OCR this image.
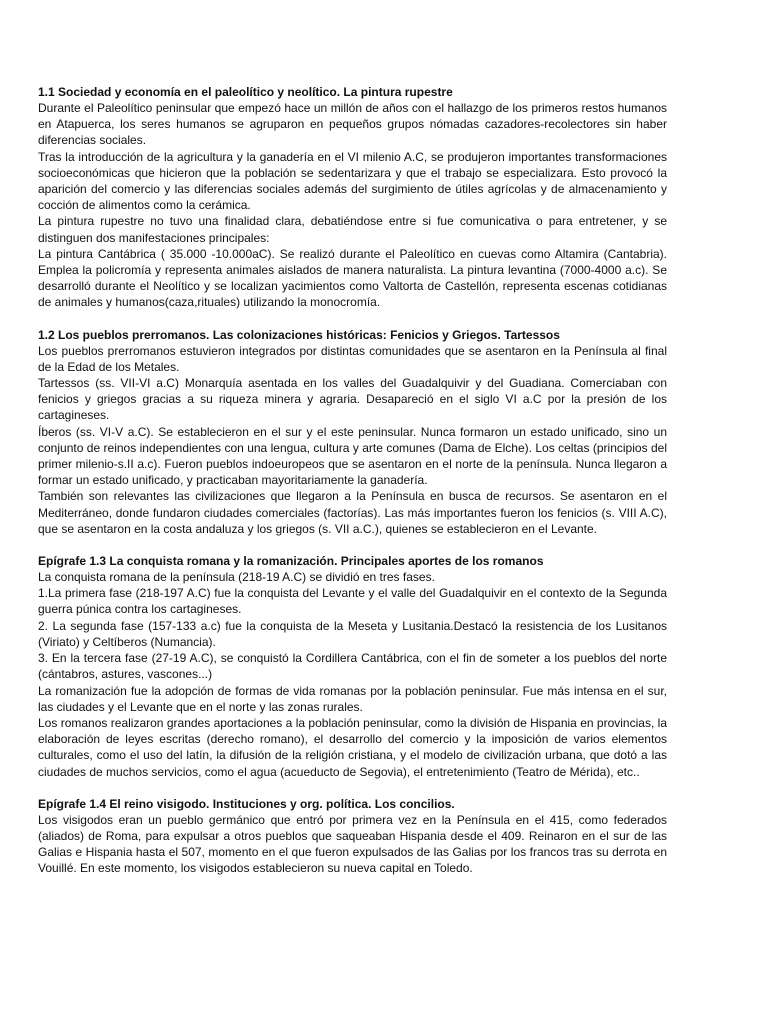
1.1 Sociedad y economía en el paleolítico y neolítico. La pintura rupestre

Durante el Paleolítico peninsular que empezó hace un millón de años con el hallazgo de los primeros restos humanos en Atapuerca, los seres humanos se agruparon en pequeños grupos nómadas cazadores-recolectores sin haber diferencias sociales.

Tras la introducción de la agricultura y la ganadería en el VI milenio A.C, se produjeron importantes transformaciones socioeconómicas que hicieron que la población se sedentarizara y que el trabajo se especializara. Esto provocó la aparición del comercio y las diferencias sociales además del surgimiento de útiles agrícolas y de almacenamiento y cocción de alimentos como la cerámica.

La pintura rupestre no tuvo una finalidad clara, debatiéndose entre si fue comunicativa o para entretener, y se distinguen dos manifestaciones principales:

La pintura Cantábrica ( 35.000 -10.000aC). Se realizó durante el Paleolítico en cuevas como Altamira (Cantabria). Emplea la policromía y representa animales aislados de manera naturalista. La pintura levantina (7000-4000 a.c). Se desarrolló durante el Neolítico y se localizan yacimientos como Valtorta de Castellón, representa escenas cotidianas de animales y humanos(caza,rituales) utilizando la monocromía.

1.2 Los pueblos prerromanos. Las colonizaciones históricas: Fenicios y Griegos. Tartessos

Los pueblos prerromanos estuvieron integrados por distintas comunidades que se asentaron en la Península al final de la Edad de los Metales.

Tartessos (ss. VII-VI a.C) Monarquía asentada en los valles del Guadalquivir y del Guadiana. Comerciaban con fenicios y griegos gracias a su riqueza minera y agraria. Desapareció en el siglo VI a.C por la presión de los cartagineses.

Íberos (ss. VI-V a.C). Se establecieron en el sur y el este peninsular. Nunca formaron un estado unificado, sino un conjunto de reinos independientes con una lengua, cultura y arte comunes (Dama de Elche). Los celtas (principios del primer milenio-s.II a.c). Fueron pueblos indoeuropeos que se asentaron en el norte de la península. Nunca llegaron a formar un estado unificado, y practicaban mayoritariamente la ganadería.

También son relevantes las civilizaciones que llegaron a la Península en busca de recursos. Se asentaron en el Mediterráneo, donde fundaron ciudades comerciales (factorías). Las más importantes fueron los fenicios (s. VIII A.C), que se asentaron en la costa andaluza y los griegos (s. VII a.C.), quienes se establecieron en el Levante.

Epígrafe 1.3 La conquista romana y la romanización. Principales aportes de los romanos

La conquista romana de la península (218-19 A.C) se dividió en tres fases.

1.La primera fase (218-197 A.C) fue la conquista del Levante y el valle del Guadalquivir en el contexto de la Segunda guerra púnica contra los cartagineses.

2. La segunda fase (157-133 a.c) fue la conquista de la Meseta y Lusitania.Destacó la resistencia de los Lusitanos (Viriato) y Celtíberos (Numancia).

3. En la tercera fase (27-19 A.C), se conquistó la Cordillera Cantábrica, con el fin de someter a los pueblos del norte (cántabros, astures, vascones...)

La romanización fue la adopción de formas de vida romanas por la población peninsular. Fue más intensa en el sur, las ciudades y el Levante que en el norte y las zonas rurales.

Los romanos realizaron grandes aportaciones a la población peninsular, como la división de Hispania en provincias, la elaboración de leyes escritas (derecho romano), el desarrollo del comercio y la imposición de varios elementos culturales, como el uso del latín, la difusión de la religión cristiana, y el modelo de civilización urbana, que dotó a las ciudades de muchos servicios, como el agua (acueducto de Segovia), el entretenimiento (Teatro de Mérida), etc..

Epígrafe 1.4 El reino visigodo. Instituciones y org. política. Los concilios.

Los visigodos eran un pueblo germánico que entró por primera vez en la Península en el 415, como federados (aliados) de Roma, para expulsar a otros pueblos que saqueaban Hispania desde el 409. Reinaron en el sur de las Galias e Hispania hasta el 507, momento en el que fueron expulsados de las Galias por los francos tras su derrota en Vouillé. En este momento, los visigodos establecieron su nueva capital en Toledo.
